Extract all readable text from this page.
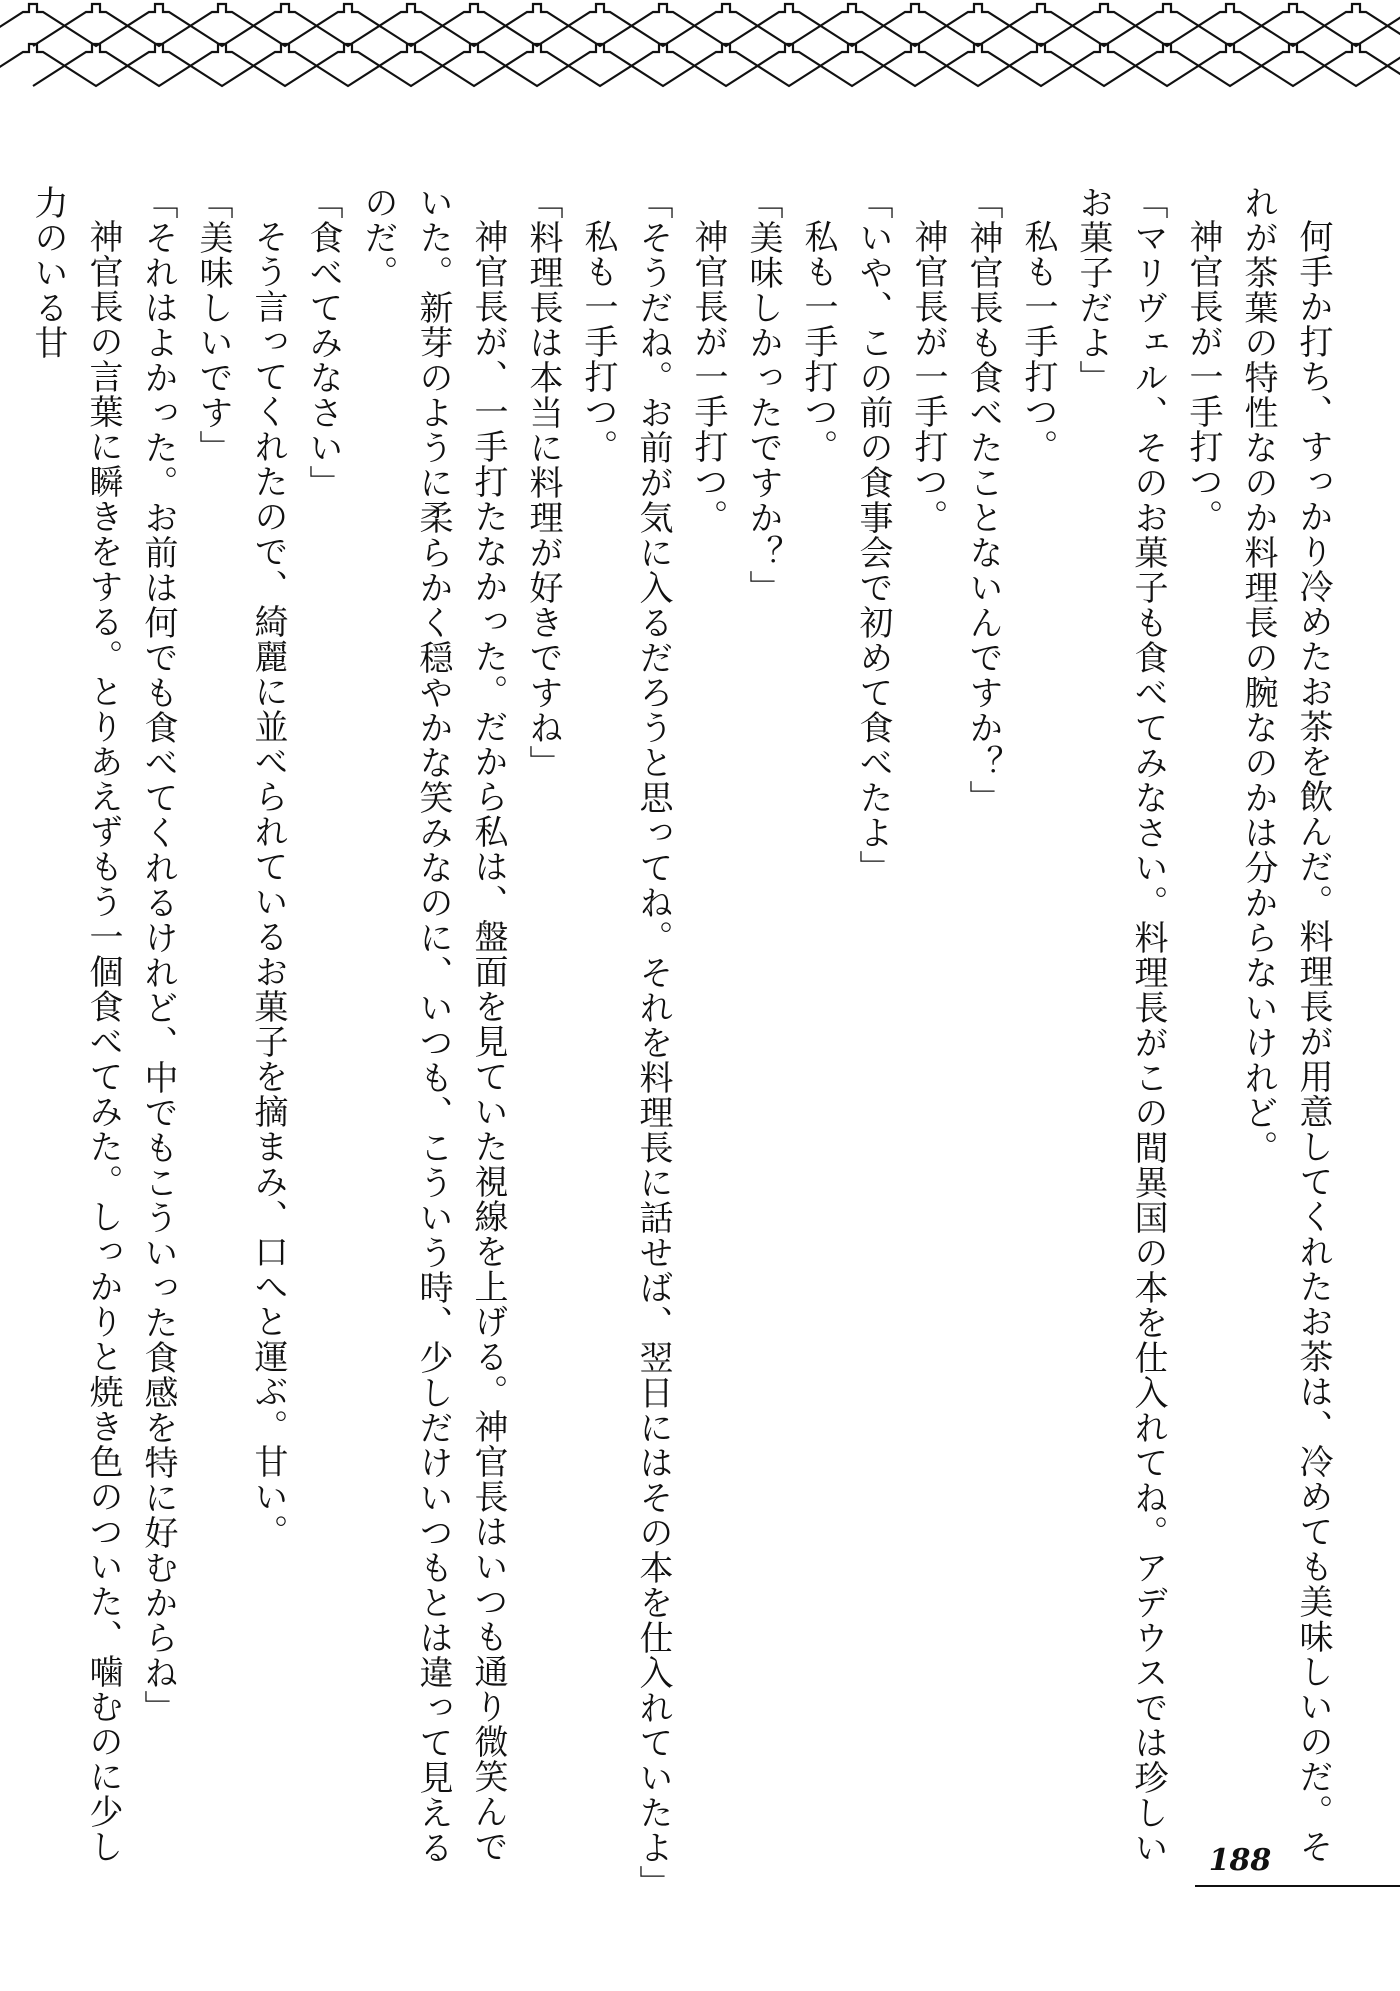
何手か打ち、すっかり冷めたお茶を飲んだ。料理長が用意してくれたお茶は、冷めても美味しいのだ。それが茶葉の特性なのか料理長の腕なのかは分からないけれど。

神官長が一手打つ。

「マリヴェル、そのお菓子も食べてみなさい。料理長がこの間異国の本を仕入れてね。アデウスでは珍しいお菓子だよ」

私も一手打つ。

「神官長も食べたことないんですか？」

神官長が一手打つ。

「いや、この前の食事会で初めて食べたよ」

私も一手打つ。

「美味しかったですか？」

神官長が一手打つ。

「そうだね。お前が気に入るだろうと思ってね。それを料理長に話せば、翌日にはその本を仕入れていたよ」

私も一手打つ。

「料理長は本当に料理が好きですね」

神官長が、一手打たなかった。だから私は、盤面を見ていた視線を上げる。神官長はいつも通り微笑んでいた。新芽のように柔らかく穏やかな笑みなのに、いつも、こういう時、少しだけいつもとは違って見えるのだ。

「食べてみなさい」

そう言ってくれたので、綺麗に並べられているお菓子を摘まみ、口へと運ぶ。甘い。

「美味しいです」

「それはよかった。お前は何でも食べてくれるけれど、中でもこういった食感を特に好むからね」

神官長の言葉に瞬きをする。とりあえずもう一個食べてみた。しっかりと焼き色のついた、噛むのに少し力のいる甘

188
